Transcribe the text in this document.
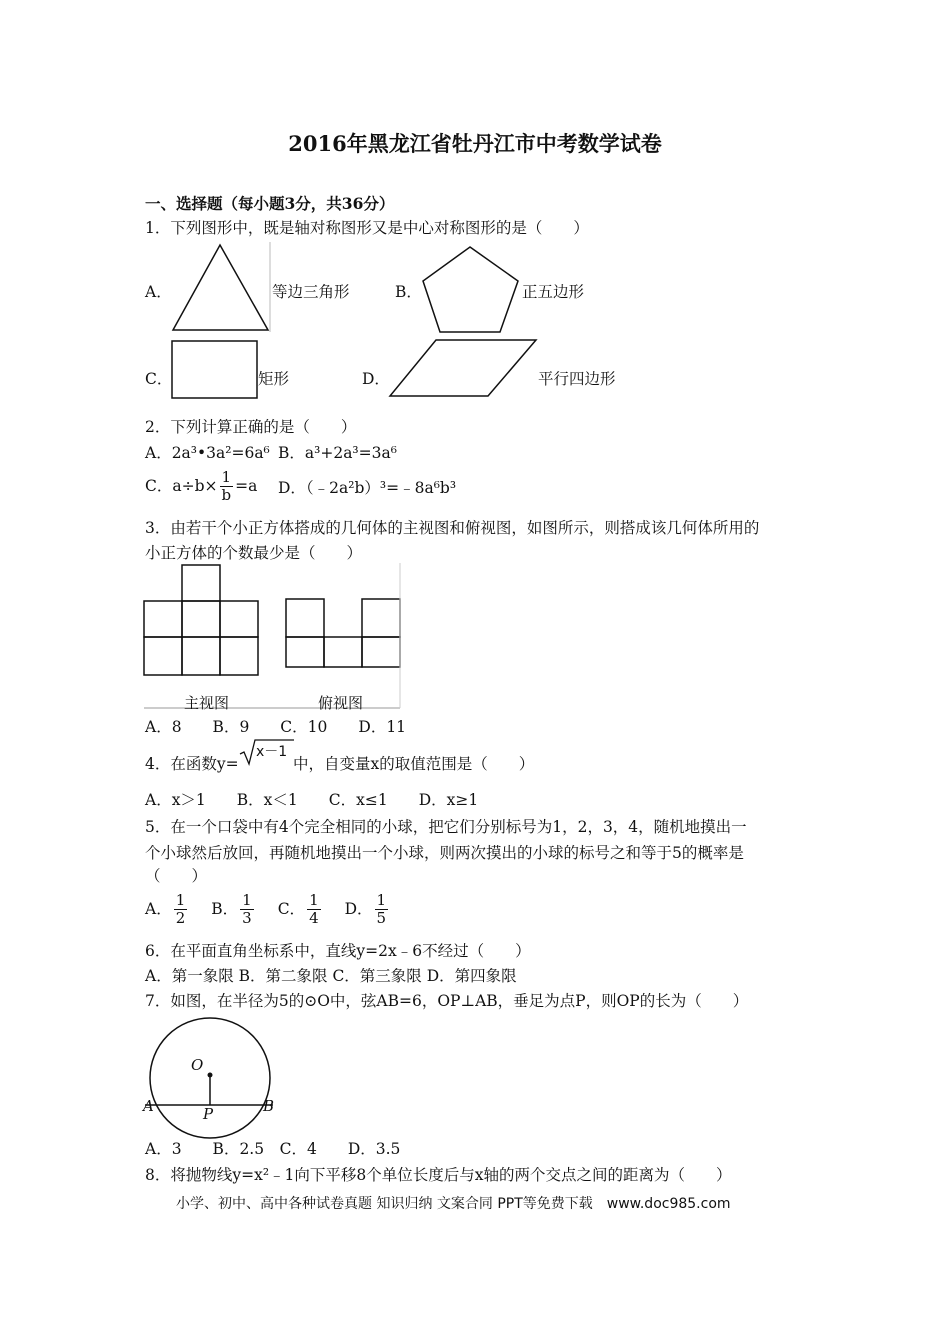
2016年黑龙江省牡丹江市中考数学试卷
一、选择题（每小题3分，共36分）
1．下列图形中，既是轴对称图形又是中心对称图形的是（　　）
A．	等边三角形	B．	正五边形
C．	矩形	D．	平行四边形
2．下列计算正确的是（　　）
A．2a³•3a²=6a⁶ B．a³+2a³=3a⁶
C．$a\div b\times \frac{1}{b} =a$ D．（﹣2a²b）³=﹣8a⁶b³
3．由若干个小正方体搭成的几何体的主视图和俯视图，如图所示，则搭成该几何体所用的
小正方体的个数最少是（　　）
主视图	俯视图
A．8　　B．9　　C．10　　D．11
4．在函数y=
x－1
中，自变量x的取值范围是（　　）
A．x＞1　　B．x＜1　　C．x≤1　　D．x≥1
5．在一个口袋中有4个完全相同的小球，把它们分别标号为1，2，3，4，随机地摸出一
个小球然后放回，再随机地摸出一个小球，则两次摸出的小球的标号之和等于5的概率是
（　　）
A． $\frac{1}{2}$ B． $\frac{1}{3}$ C． $\frac{1}{4}$ D． $\frac{1}{5}$
6．在平面直角坐标系中，直线y=2x﹣6不经过（　　）
A．第一象限 B．第二象限 C．第三象限 D．第四象限
7．如图，在半径为5的⊙O中，弦AB=6，OP⊥AB，垂足为点P，则OP的长为（　　）
O
A	B
P
A．3　　B．2.5　C．4　　D．3.5
8．将抛物线y=x²﹣1向下平移8个单位长度后与x轴的两个交点之间的距离为（　　）
小学、初中、高中各种试卷真题 知识归纳 文案合同 PPT等免费下载　www.doc985.com
